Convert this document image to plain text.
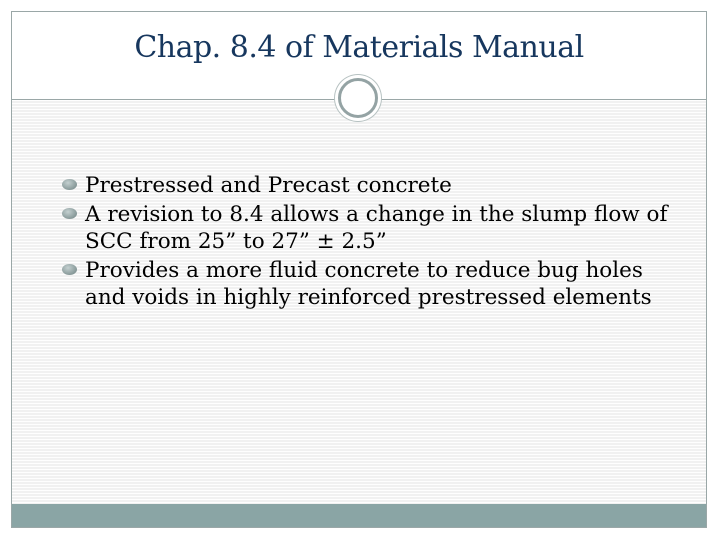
Chap. 8.4 of Materials Manual
Prestressed and Precast concrete
A revision to 8.4 allows a change in the slump flow of SCC from 25” to 27” ± 2.5”
Provides a more fluid concrete to reduce bug holes and voids in highly reinforced prestressed elements
